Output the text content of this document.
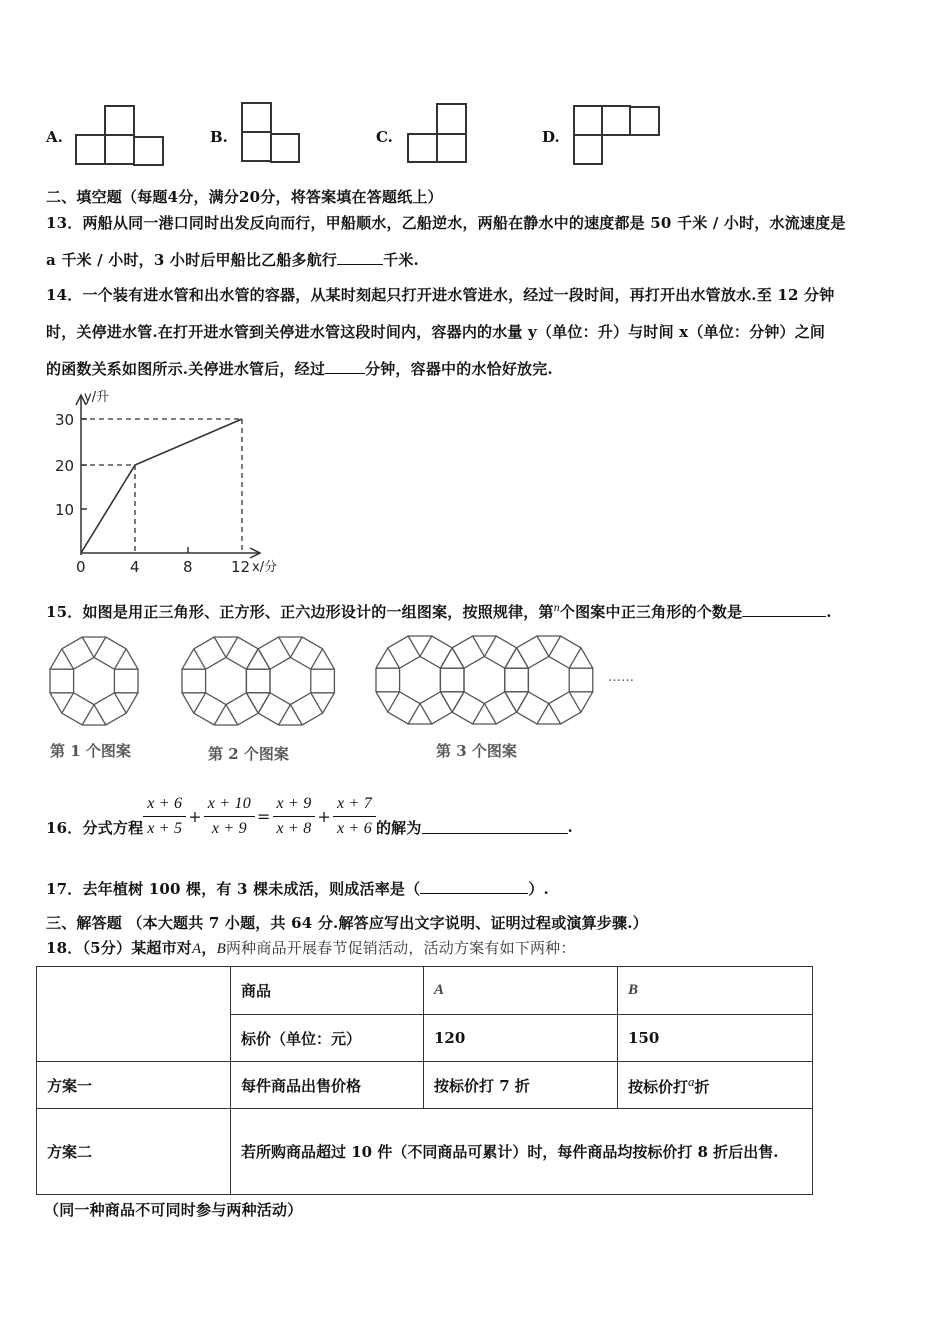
A.	B.	C.	D.
二、填空题（每题4分，满分20分，将答案填在答题纸上）
13．两船从同一港口同时出发反向而行，甲船顺水，乙船逆水，两船在静水中的速度都是 50 千米 / 小时，水流速度是
a 千米 / 小时，3 小时后甲船比乙船多航行	千米.
14．一个装有进水管和出水管的容器，从某时刻起只打开进水管进水，经过一段时间，再打开出水管放水.至 12 分钟
时，关停进水管.在打开进水管到关停进水管这段时间内，容器内的水量 y（单位：升）与时间 x（单位：分钟）之间
的函数关系如图所示.关停进水管后，经过	分钟，容器中的水恰好放完.
30
20
10
0	4	8	12
y/升
x/分
15．如图是用正三角形、正方形、正六边形设计的一组图案，按照规律，第$^n$个图案中正三角形的个数是	.
第 1 个图案	第 2 个图案
……
第 3 个图案
16．分式方程 $\frac{x + 6}{x + 5} + \frac{x + 10}{x + 9} = \frac{x + 9}{x + 8} + \frac{x + 7}{x + 6}$ 的解为	.
17．去年植树 100 棵，有 3 棵未成活，则成活率是（	）.
三、解答题 （本大题共 7 小题，共 64 分.解答应写出文字说明、证明过程或演算步骤.）
18．（5分）某超市对A，B两种商品开展春节促销活动，活动方案有如下两种：
	商品	A	B
	标价（单位：元）	120	150
方案一	每件商品出售价格	按标价打 7 折	按标价打$^a$折
方案二	若所购商品超过 10 件（不同商品可累计）时，每件商品均按标价打 8 折后出售.		
（同一种商品不可同时参与两种活动）
